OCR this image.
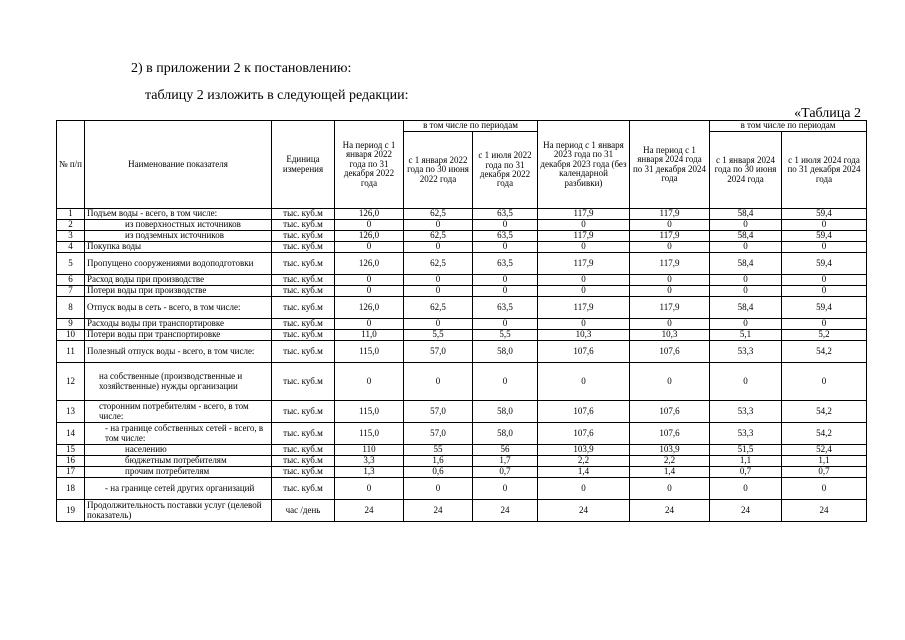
2) в приложении 2 к постановлению:
таблицу 2 изложить в следующей редакции:
«Таблица 2
№ п/п	Наименование показателя	Единица измерения	На период с 1 января 2022 года по 31 декабря 2022 года	в том числе по периодам		На период с 1 января 2023 года по 31 декабря 2023 года (без календарной разбивки)	На период с 1 января 2024 года по 31 декабря 2024 года	в том числе по периодам	
				с 1 января 2022 года по 30 июня 2022 года	с 1 июля 2022 года по 31 декабря 2022 года			с 1 января 2024 года по 30 июня 2024 года	с 1 июля 2024 года по 31 декабря 2024 года
1	Подъем воды - всего, в том числе:	тыс. куб.м	126,0	62,5	63,5	117,9	117,9	58,4	59,4
2	из поверхностных источников	тыс. куб.м	0	0	0	0	0	0	0
3	из подземных источников	тыс. куб.м	126,0	62,5	63,5	117,9	117,9	58,4	59,4
4	Покупка воды	тыс. куб.м	0	0	0	0	0	0	0
5	Пропущено сооружениями водоподготовки	тыс. куб.м	126,0	62,5	63,5	117,9	117,9	58,4	59,4
6	Расход воды при производстве	тыс. куб.м	0	0	0	0	0	0	0
7	Потери воды при производстве	тыс. куб.м	0	0	0	0	0	0	0
8	Отпуск воды в сеть - всего, в том числе:	тыс. куб.м	126,0	62,5	63,5	117,9	117,9	58,4	59,4
9	Расходы воды при транспортировке	тыс. куб.м	0	0	0	0	0	0	0
10	Потери воды при транспортировке	тыс. куб.м	11,0	5,5	5,5	10,3	10,3	5,1	5,2
11	Полезный отпуск воды - всего, в том числе:	тыс. куб.м	115,0	57,0	58,0	107,6	107,6	53,3	54,2
12	на собственные (производственные и хозяйственные) нужды организации	тыс. куб.м	0	0	0	0	0	0	0
13	сторонним потребителям - всего, в том числе:	тыс. куб.м	115,0	57,0	58,0	107,6	107,6	53,3	54,2
14	- на границе собственных сетей - всего, в том числе:	тыс. куб.м	115,0	57,0	58,0	107,6	107,6	53,3	54,2
15	населению	тыс. куб.м	110	55	56	103,9	103,9	51,5	52,4
16	бюджетным потребителям	тыс. куб.м	3,3	1,6	1,7	2,2	2,2	1,1	1,1
17	прочим потребителям	тыс. куб.м	1,3	0,6	0,7	1,4	1,4	0,7	0,7
18	- на границе сетей других организаций	тыс. куб.м	0	0	0	0	0	0	0
19	Продолжительность поставки услуг (целевой показатель)	час /день	24	24	24	24	24	24	24
